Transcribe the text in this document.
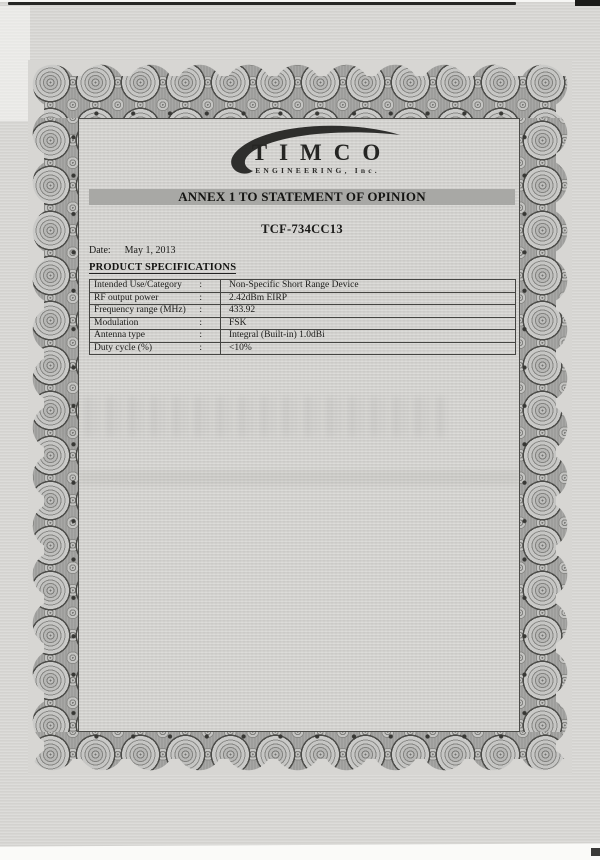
TIMCO
ENGINEERING, Inc.
ANNEX 1 TO STATEMENT OF OPINION
TCF-734CC13
Date: May 1, 2013
PRODUCT SPECIFICATIONS
Intended Use/Category :	Non-Specific Short Range Device
RF output power	:	2.42dBm EIRP
Frequency range (MHz) :	433.92
Modulation	:	FSK
Antenna type	:	Integral (Built-in) 1.0dBi
Duty cycle (%)	:	<10%
